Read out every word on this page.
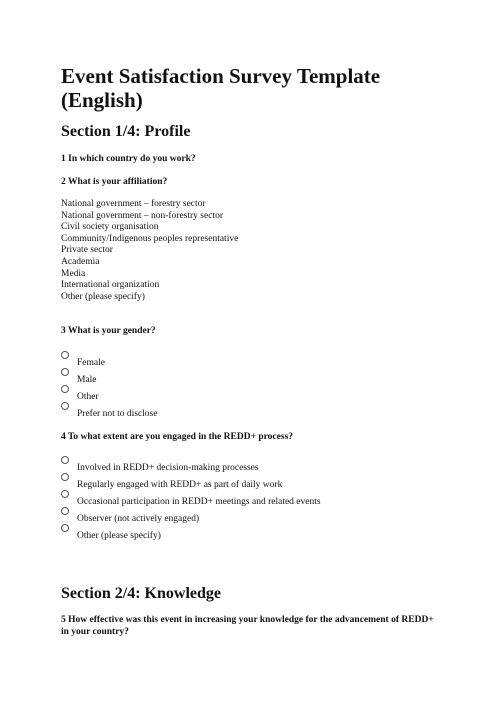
Event Satisfaction Survey Template (English)
Section 1/4: Profile

1 In which country do you work?

2 What is your affiliation?

National government – forestry sector
National government – non-forestry sector
Civil society organisation
Community/Indigenous peoples representative
Private sector
Academia
Media
International organization
Other (please specify)

3 What is your gender?

Female
Male
Other
Prefer not to disclose

4 To what extent are you engaged in the REDD+ process?

Involved in REDD+ decision-making processes
Regularly engaged with REDD+ as part of daily work
Occasional participation in REDD+ meetings and related events
Observer (not actively engaged)
Other (please specify)
Section 2/4: Knowledge

5 How effective was this event in increasing your knowledge for the advancement of REDD+ in your country?
